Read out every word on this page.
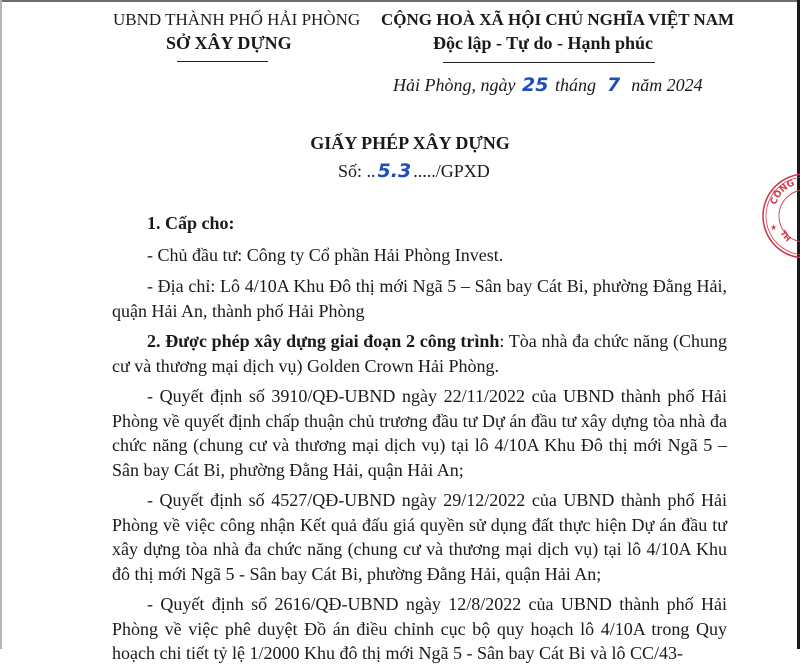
UBND THÀNH PHỐ HẢI PHÒNG
SỞ XÂY DỰNG
CỘNG HOÀ XÃ HỘI CHỦ NGHĨA VIỆT NAM
Độc lập - Tự do - Hạnh phúc
Hải Phòng, ngày 25 tháng 7 năm 2024
GIẤY PHÉP XÂY DỰNG
Số: .. 5.3 ...../GPXD

1. Cấp cho:

- Chủ đầu tư: Công ty Cổ phần Hải Phòng Invest.

- Địa chỉ: Lô 4/10A Khu Đô thị mới Ngã 5 – Sân bay Cát Bi, phường Đằng Hải, quận Hải An, thành phố Hải Phòng

2. Được phép xây dựng giai đoạn 2 công trình: Tòa nhà đa chức năng (Chung cư và thương mại dịch vụ) Golden Crown Hải Phòng.

- Quyết định số 3910/QĐ-UBND ngày 22/11/2022 của UBND thành phố Hải Phòng về quyết định chấp thuận chủ trương đầu tư Dự án đầu tư xây dựng tòa nhà đa chức năng (chung cư và thương mại dịch vụ) tại lô 4/10A Khu Đô thị mới Ngã 5 – Sân bay Cát Bi, phường Đằng Hải, quận Hải An;

- Quyết định số 4527/QĐ-UBND ngày 29/12/2022 của UBND thành phố Hải Phòng về việc công nhận Kết quả đấu giá quyền sử dụng đất thực hiện Dự án đầu tư xây dựng tòa nhà đa chức năng (chung cư và thương mại dịch vụ) tại lô 4/10A Khu đô thị mới Ngã 5 - Sân bay Cát Bi, phường Đằng Hải, quận Hải An;

- Quyết định số 2616/QĐ-UBND ngày 12/8/2022 của UBND thành phố Hải Phòng về việc phê duyệt Đồ án điều chỉnh cục bộ quy hoạch lô 4/10A trong Quy hoạch chi tiết tỷ lệ 1/2000 Khu đô thị mới Ngã 5 - Sân bay Cát Bi và lô CC/43-

CÔNG
★
TH
